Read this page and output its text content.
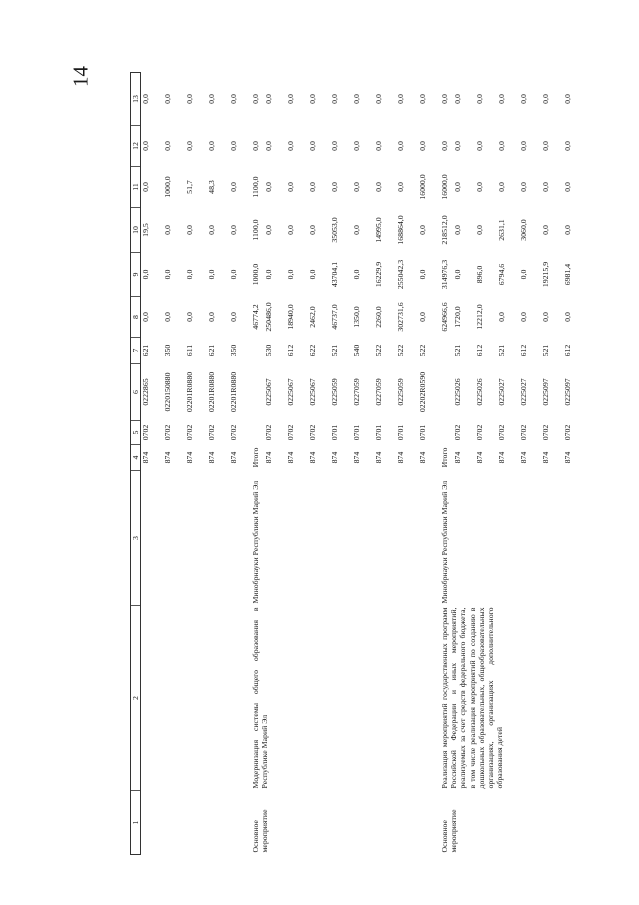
14
1	2	3	4	5	6	7	8	9	10	11	12	13
			874	0702	0222865	621	0,0	0,0	19,5	0,0	0,0	0,0
			874	0702	0220150880	350	0,0	0,0	0,0	1000,0	0,0	0,0
			874	0702	02201R0880	611	0,0	0,0	0,0	51,7	0,0	0,0
			874	0702	02201R0880	621	0,0	0,0	0,0	48,3	0,0	0,0
			874	0702	02201R0880	350	0,0	0,0	0,0	0,0	0,0	0,0
Основное мероприятие	Модернизация системы общего образования в Республике Марий Эл	Минобрнауки Республики Марий Эл	Итого				46774,2	1000,0	1100,0	1100,0	0,0	0,0
			874	0702	0225067	530	250486,0	0,0	0,0	0,0	0,0	0,0
			874	0702	0225067	612	18940,0	0,0	0,0	0,0	0,0	0,0
			874	0702	0225067	622	2462,0	0,0	0,0	0,0	0,0	0,0
			874	0701	0225059	521	46737,0	43704,1	35053,0	0,0	0,0	0,0
			874	0701	0227059	540	1350,0	0,0	0,0	0,0	0,0	0,0
			874	0701	0227059	522	2260,0	16229,9	14995,0	0,0	0,0	0,0
			874	0701	0225059	522	302731,6	255042,3	168864,0	0,0	0,0	0,0
			874	0701	02202R0590	522	0,0	0,0	0,0	16000,0	0,0	0,0
Основное мероприятие	Реализация мероприятий государственных программ Российской Федерации и иных мероприятий, реализуемых за счет средств федерального бюджета, в том числе реализация мероприятий по созданию в дошкольных образовательных, общеобразовательных организациях, организациях дополнительного образования детей	Минобрнауки Республики Марий Эл	Итого				624966,6	314976,3	218512,0	16000,0	0,0	0,0
			874	0702	0225026	521	1720,0	0,0	0,0	0,0	0,0	0,0
			874	0702	0225026	612	12212,0	896,0	0,0	0,0	0,0	0,0
			874	0702	0225027	521	0,0	6794,6	2631,1	0,0	0,0	0,0
			874	0702	0225027	612	0,0	0,0	3060,0	0,0	0,0	0,0
			874	0702	0225097	521	0,0	19215,9	0,0	0,0	0,0	0,0
			874	0702	0225097	612	0,0	6981,4	0,0	0,0	0,0	0,0
